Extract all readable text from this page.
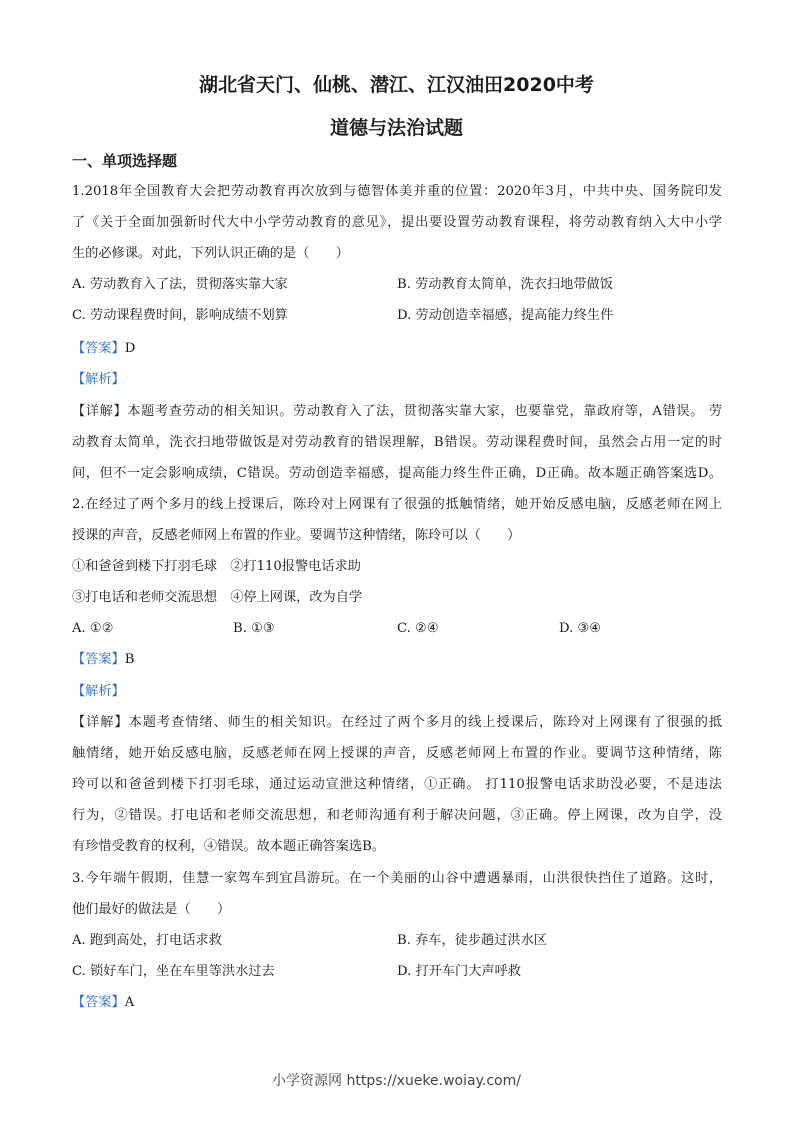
湖北省天门、仙桃、潜江、江汉油田2020中考
道德与法治试题
一、单项选择题
1.2018年全国教育大会把劳动教育再次放到与德智体美并重的位置：2020年3月，中共中央、国务院印发
了《关于全面加强新时代大中小学劳动教育的意见》，提出要设置劳动教育课程，将劳动教育纳入大中小学
生的必修课。对此，下列认识正确的是（　　）
A. 劳动教育入了法，贯彻落实靠大家	B. 劳动教育太简单，洗衣扫地带做饭
C. 劳动课程费时间，影响成绩不划算	D. 劳动创造幸福感，提高能力终生件
【答案】D
【解析】
【详解】本题考查劳动的相关知识。劳动教育入了法，贯彻落实靠大家，也要靠党，靠政府等，A错误。 劳
动教育太简单，洗衣扫地带做饭是对劳动教育的错误理解，B错误。劳动课程费时间，虽然会占用一定的时
间，但不一定会影响成绩，C错误。劳动创造幸福感，提高能力终生件正确，D正确。故本题正确答案选D。
2.在经过了两个多月的线上授课后，陈玲对上网课有了很强的抵触情绪，她开始反感电脑，反感老师在网上
授课的声音，反感老师网上布置的作业。要调节这种情绪，陈玲可以（　　）
①和爸爸到楼下打羽毛球　②打110报警电话求助
③打电话和老师交流思想　④停上网课，改为自学
A. ①②	B. ①③	C. ②④	D. ③④
【答案】B
【解析】
【详解】本题考查情绪、师生的相关知识。在经过了两个多月的线上授课后，陈玲对上网课有了很强的抵
触情绪，她开始反感电脑，反感老师在网上授课的声音，反感老师网上布置的作业。要调节这种情绪，陈
玲可以和爸爸到楼下打羽毛球，通过运动宣泄这种情绪，①正确。 打110报警电话求助没必要，不是违法
行为，②错误。打电话和老师交流思想，和老师沟通有利于解决问题，③正确。停上网课，改为自学，没
有珍惜受教育的权利，④错误。故本题正确答案选B。
3.今年端午假期，佳慧一家驾车到宜昌游玩。在一个美丽的山谷中遭遇暴雨，山洪很快挡住了道路。这时，
他们最好的做法是（　　）
A. 跑到高处，打电话求救	B. 弃车，徒步趟过洪水区
C. 锁好车门，坐在车里等洪水过去	D. 打开车门大声呼救
【答案】A
小学资源网 https://xueke.woiay.com/
